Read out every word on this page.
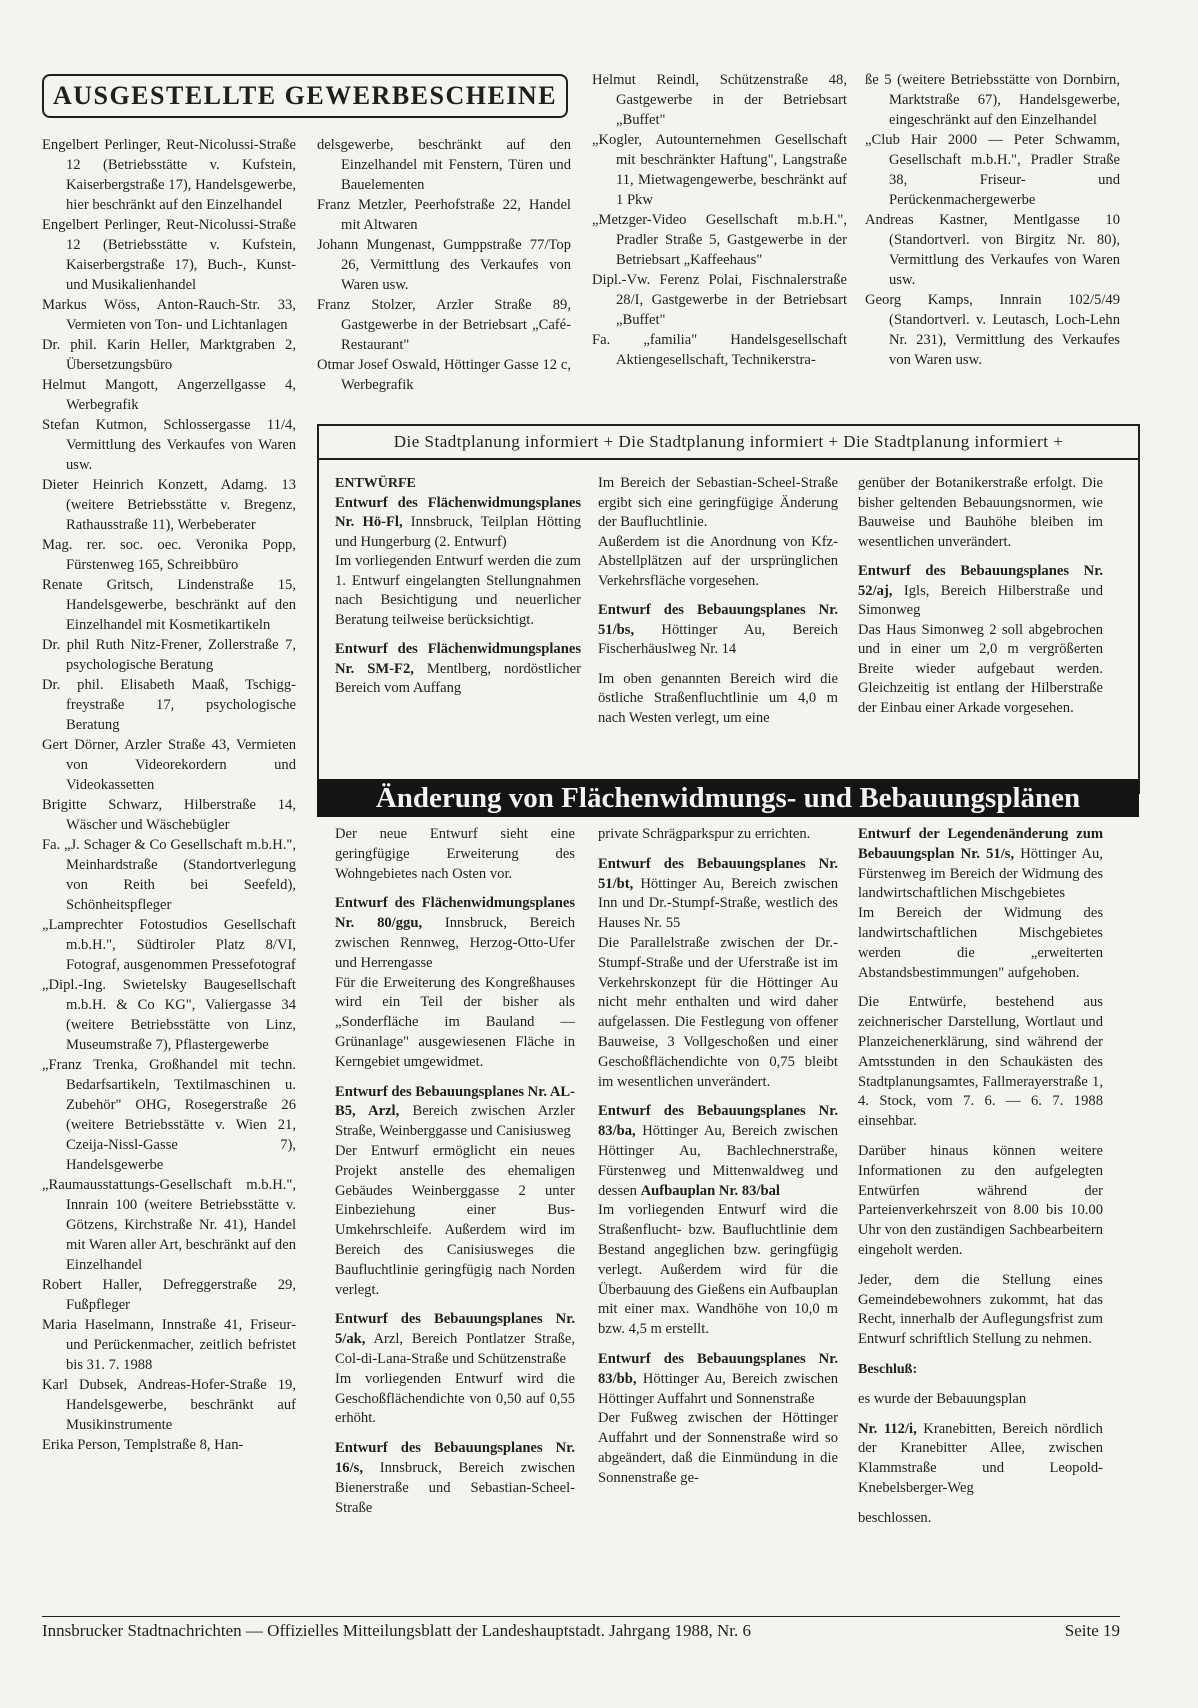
AUSGESTELLTE GEWERBESCHEINE

Engelbert Perlinger, Reut-Nicolussi-Straße 12 (Betriebsstätte v. Kufstein, Kaiserbergstraße 17), Handelsgewerbe, hier beschränkt auf den Einzelhandel

Engelbert Perlinger, Reut-Nicolussi-Straße 12 (Betriebsstätte v. Kufstein, Kaiserbergstraße 17), Buch-, Kunst- und Musikalienhandel

Markus Wöss, Anton-Rauch-Str. 33, Vermieten von Ton- und Lichtanlagen

Dr. phil. Karin Heller, Marktgraben 2, Übersetzungsbüro

Helmut Mangott, Angerzellgasse 4, Werbegrafik

Stefan Kutmon, Schlossergasse 11/4, Vermittlung des Verkaufes von Waren usw.

Dieter Heinrich Konzett, Adamg. 13 (weitere Betriebsstätte v. Bregenz, Rathausstraße 11), Werbeberater

Mag. rer. soc. oec. Veronika Popp, Fürstenweg 165, Schreibbüro

Renate Gritsch, Lindenstraße 15, Handelsgewerbe, beschränkt auf den Einzelhandel mit Kosmetikartikeln

Dr. phil Ruth Nitz-Frener, Zollerstraße 7, psychologische Beratung

Dr. phil. Elisabeth Maaß, Tschigg-freystraße 17, psychologische Beratung

Gert Dörner, Arzler Straße 43, Vermieten von Videorekordern und Videokassetten

Brigitte Schwarz, Hilberstraße 14, Wäscher und Wäschebügler

Fa. „J. Schager & Co Gesellschaft m.b.H.", Meinhardstraße (Standortverlegung von Reith bei Seefeld), Schönheitspfleger

„Lamprechter Fotostudios Gesellschaft m.b.H.", Südtiroler Platz 8/VI, Fotograf, ausgenommen Pressefotograf

„Dipl.-Ing. Swietelsky Baugesellschaft m.b.H. & Co KG", Valiergasse 34 (weitere Betriebsstätte von Linz, Museumstraße 7), Pflastergewerbe

„Franz Trenka, Großhandel mit techn. Bedarfsartikeln, Textilmaschinen u. Zubehör" OHG, Rosegerstraße 26 (weitere Betriebsstätte v. Wien 21, Czeija-Nissl-Gasse 7), Handelsgewerbe

„Raumausstattungs-Gesellschaft m.b.H.", Innrain 100 (weitere Betriebsstätte v. Götzens, Kirchstraße Nr. 41), Handel mit Waren aller Art, beschränkt auf den Einzelhandel

Robert Haller, Defreggerstraße 29, Fußpfleger

Maria Haselmann, Innstraße 41, Friseur- und Perückenmacher, zeitlich befristet bis 31. 7. 1988

Karl Dubsek, Andreas-Hofer-Straße 19, Handelsgewerbe, beschränkt auf Musikinstrumente

Erika Person, Templstraße 8, Han-

delsgewerbe, beschränkt auf den Einzelhandel mit Fenstern, Türen und Bauelementen

Franz Metzler, Peerhofstraße 22, Handel mit Altwaren

Johann Mungenast, Gumppstraße 77/Top 26, Vermittlung des Verkaufes von Waren usw.

Franz Stolzer, Arzler Straße 89, Gastgewerbe in der Betriebsart „Café-Restaurant"

Otmar Josef Oswald, Höttinger Gasse 12 c, Werbegrafik

Helmut Reindl, Schützenstraße 48, Gastgewerbe in der Betriebsart „Buffet"

„Kogler, Autounternehmen Gesellschaft mit beschränkter Haftung", Langstraße 11, Mietwagengewerbe, beschränkt auf 1 Pkw

„Metzger-Video Gesellschaft m.b.H.", Pradler Straße 5, Gastgewerbe in der Betriebsart „Kaffeehaus"

Dipl.-Vw. Ferenz Polai, Fischnalerstraße 28/I, Gastgewerbe in der Betriebsart „Buffet"

Fa. „familia" Handelsgesellschaft Aktiengesellschaft, Technikerstra-

ße 5 (weitere Betriebsstätte von Dornbirn, Marktstraße 67), Handelsgewerbe, eingeschränkt auf den Einzelhandel

„Club Hair 2000 — Peter Schwamm, Gesellschaft m.b.H.", Pradler Straße 38, Friseur- und Perückenmachergewerbe

Andreas Kastner, Mentlgasse 10 (Standortverl. von Birgitz Nr. 80), Vermittlung des Verkaufes von Waren usw.

Georg Kamps, Innrain 102/5/49 (Standortverl. v. Leutasch, Loch-Lehn Nr. 231), Vermittlung des Verkaufes von Waren usw.

Die Stadtplanung informiert + Die Stadtplanung informiert + Die Stadtplanung informiert +

ENTWÜRFE

Entwurf des Flächenwidmungsplanes Nr. Hö-Fl, Innsbruck, Teilplan Hötting und Hungerburg (2. Entwurf)

Im vorliegenden Entwurf werden die zum 1. Entwurf eingelangten Stellungnahmen nach Besichtigung und neuerlicher Beratung teilweise berücksichtigt.

Entwurf des Flächenwidmungsplanes Nr. SM-F2, Mentlberg, nordöstlicher Bereich vom Auffang

Im Bereich der Sebastian-Scheel-Straße ergibt sich eine geringfügige Änderung der Baufluchtlinie.

Außerdem ist die Anordnung von Kfz-Abstellplätzen auf der ursprünglichen Verkehrsfläche vorgesehen.

Entwurf des Bebauungsplanes Nr. 51/bs, Höttinger Au, Bereich Fischerhäuslweg Nr. 14

Im oben genannten Bereich wird die östliche Straßenfluchtlinie um 4,0 m nach Westen verlegt, um eine

genüber der Botanikerstraße erfolgt. Die bisher geltenden Bebauungsnormen, wie Bauweise und Bauhöhe bleiben im wesentlichen unverändert.

Entwurf des Bebauungsplanes Nr. 52/aj, Igls, Bereich Hilberstraße und Simonweg

Das Haus Simonweg 2 soll abgebrochen und in einer um 2,0 m vergrößerten Breite wieder aufgebaut werden. Gleichzeitig ist entlang der Hilberstraße der Einbau einer Arkade vorgesehen.

Änderung von Flächenwidmungs- und Bebauungsplänen

Der neue Entwurf sieht eine geringfügige Erweiterung des Wohngebietes nach Osten vor.

Entwurf des Flächenwidmungsplanes Nr. 80/ggu, Innsbruck, Bereich zwischen Rennweg, Herzog-Otto-Ufer und Herrengasse

Für die Erweiterung des Kongreßhauses wird ein Teil der bisher als „Sonderfläche im Bauland — Grünanlage" ausgewiesenen Fläche in Kerngebiet umgewidmet.

Entwurf des Bebauungsplanes Nr. AL-B5, Arzl, Bereich zwischen Arzler Straße, Weinberggasse und Canisiusweg

Der Entwurf ermöglicht ein neues Projekt anstelle des ehemaligen Gebäudes Weinberggasse 2 unter Einbeziehung einer Bus-Umkehrschleife. Außerdem wird im Bereich des Canisiusweges die Baufluchtlinie geringfügig nach Norden verlegt.

Entwurf des Bebauungsplanes Nr. 5/ak, Arzl, Bereich Pontlatzer Straße, Col-di-Lana-Straße und Schützenstraße

Im vorliegenden Entwurf wird die Geschoßflächendichte von 0,50 auf 0,55 erhöht.

Entwurf des Bebauungsplanes Nr. 16/s, Innsbruck, Bereich zwischen Bienerstraße und Sebastian-Scheel-Straße

private Schrägparkspur zu errichten.

Entwurf des Bebauungsplanes Nr. 51/bt, Höttinger Au, Bereich zwischen Inn und Dr.-Stumpf-Straße, westlich des Hauses Nr. 55

Die Parallelstraße zwischen der Dr.-Stumpf-Straße und der Uferstraße ist im Verkehrskonzept für die Höttinger Au nicht mehr enthalten und wird daher aufgelassen. Die Festlegung von offener Bauweise, 3 Vollgeschoßen und einer Geschoßflächendichte von 0,75 bleibt im wesentlichen unverändert.

Entwurf des Bebauungsplanes Nr. 83/ba, Höttinger Au, Bereich zwischen Höttinger Au, Bachlechnerstraße, Fürstenweg und Mittenwaldweg und dessen Aufbauplan Nr. 83/bal

Im vorliegenden Entwurf wird die Straßenflucht- bzw. Baufluchtlinie dem Bestand angeglichen bzw. geringfügig verlegt. Außerdem wird für die Überbauung des Gießens ein Aufbauplan mit einer max. Wandhöhe von 10,0 m bzw. 4,5 m erstellt.

Entwurf des Bebauungsplanes Nr. 83/bb, Höttinger Au, Bereich zwischen Höttinger Auffahrt und Sonnenstraße

Der Fußweg zwischen der Höttinger Auffahrt und der Sonnenstraße wird so abgeändert, daß die Einmündung in die Sonnenstraße ge-

Entwurf der Legendenänderung zum Bebauungsplan Nr. 51/s, Höttinger Au, Fürstenweg im Bereich der Widmung des landwirtschaftlichen Mischgebietes

Im Bereich der Widmung des landwirtschaftlichen Mischgebietes werden die „erweiterten Abstandsbestimmungen" aufgehoben.

Die Entwürfe, bestehend aus zeichnerischer Darstellung, Wortlaut und Planzeichenerklärung, sind während der Amtsstunden in den Schaukästen des Stadtplanungsamtes, Fallmerayerstraße 1, 4. Stock, vom 7. 6. — 6. 7. 1988 einsehbar.

Darüber hinaus können weitere Informationen zu den aufgelegten Entwürfen während der Parteienverkehrszeit von 8.00 bis 10.00 Uhr von den zuständigen Sachbearbeitern eingeholt werden.

Jeder, dem die Stellung eines Gemeindebewohners zukommt, hat das Recht, innerhalb der Auflegungsfrist zum Entwurf schriftlich Stellung zu nehmen.

Beschluß:

es wurde der Bebauungsplan

Nr. 112/i, Kranebitten, Bereich nördlich der Kranebitter Allee, zwischen Klammstraße und Leopold-Knebelsberger-Weg

beschlossen.

Innsbrucker Stadtnachrichten — Offizielles Mitteilungsblatt der Landeshauptstadt. Jahrgang 1988, Nr. 6	Seite 19
